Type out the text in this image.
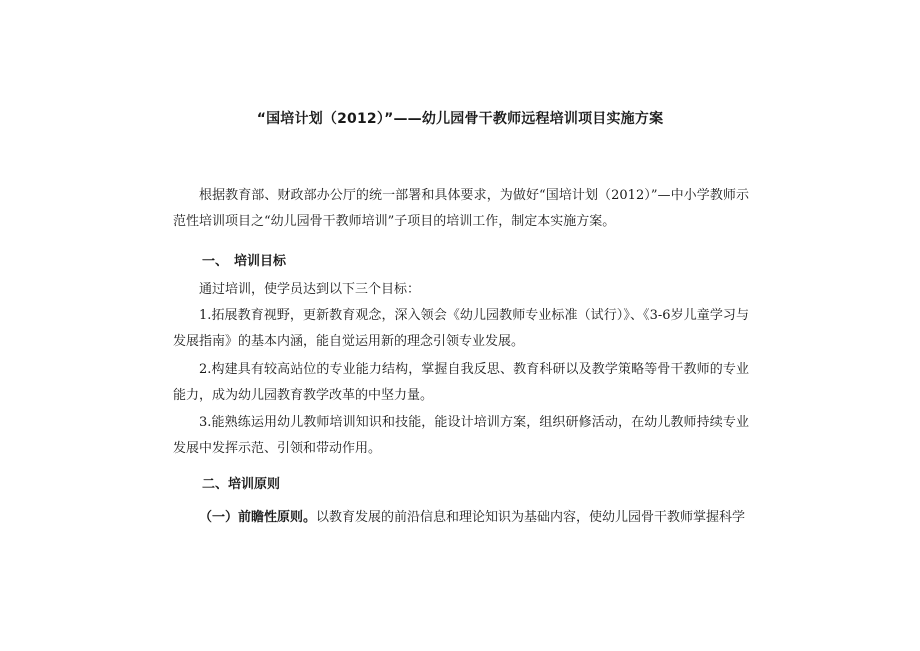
“国培计划（2012）”——幼儿园骨干教师远程培训项目实施方案

根据教育部、财政部办公厅的统一部署和具体要求，为做好“国培计划（2012）”—中小学教师示范性培训项目之“幼儿园骨干教师培训”子项目的培训工作，制定本实施方案。

一、 培训目标

通过培训，使学员达到以下三个目标：

1.拓展教育视野，更新教育观念，深入领会《幼儿园教师专业标准（试行）》、《3-6岁儿童学习与发展指南》的基本内涵，能自觉运用新的理念引领专业发展。

2.构建具有较高站位的专业能力结构，掌握自我反思、教育科研以及教学策略等骨干教师的专业能力，成为幼儿园教育教学改革的中坚力量。

3.能熟练运用幼儿教师培训知识和技能，能设计培训方案，组织研修活动，在幼儿教师持续专业发展中发挥示范、引领和带动作用。

二、培训原则

（一）前瞻性原则。以教育发展的前沿信息和理论知识为基础内容，使幼儿园骨干教师掌握科学
